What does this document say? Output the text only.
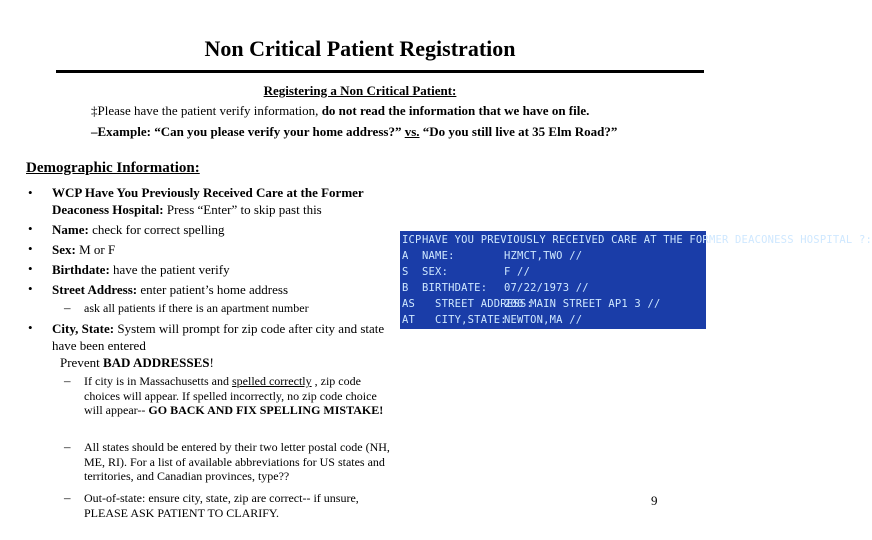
Non Critical Patient Registration
Registering a Non Critical Patient:
‡Please have the patient verify information, do not read the information that we have on file.
–Example: “Can you please verify your home address?” vs. “Do you still live at 35 Elm Road?”
Demographic Information:
•
•
•
•
•
•
WCP Have You Previously Received Care at the Former Deaconess Hospital: Press “Enter” to skip past this
Name: check for correct spelling
Sex: M or F
Birthdate: have the patient verify
Street Address: enter patient’s home address
– ask all patients if there is an apartment number
City, State: System will prompt for zip code after city and state have been entered
Prevent BAD ADDRESSES!
– If city is in Massachusetts and spelled correctly , zip code choices will appear. If spelled incorrectly, no zip code choice will appear-- GO BACK AND FIX SPELLING MISTAKE!
– All states should be entered by their two letter postal code (NH, ME, RI). For a list of available abbreviations for US states and territories, and Canadian provinces, type??
– Out-of-state: ensure city, state, zip are correct-- if unsure, PLEASE ASK PATIENT TO CLARIFY.
ICP HAVE YOU PREVIOUSLY RECEIVED CARE AT THE FORMER DEACONESS HOSPITAL ?:
A NAME:	HZMCT,TWO //
S SEX:	F //
B BIRTHDATE: 07/22/1973 //
AS STREET ADDRESS:
200 MAIN STREET AP1 3 //
AT CITY,STATE:
NEWTON,MA //
9
